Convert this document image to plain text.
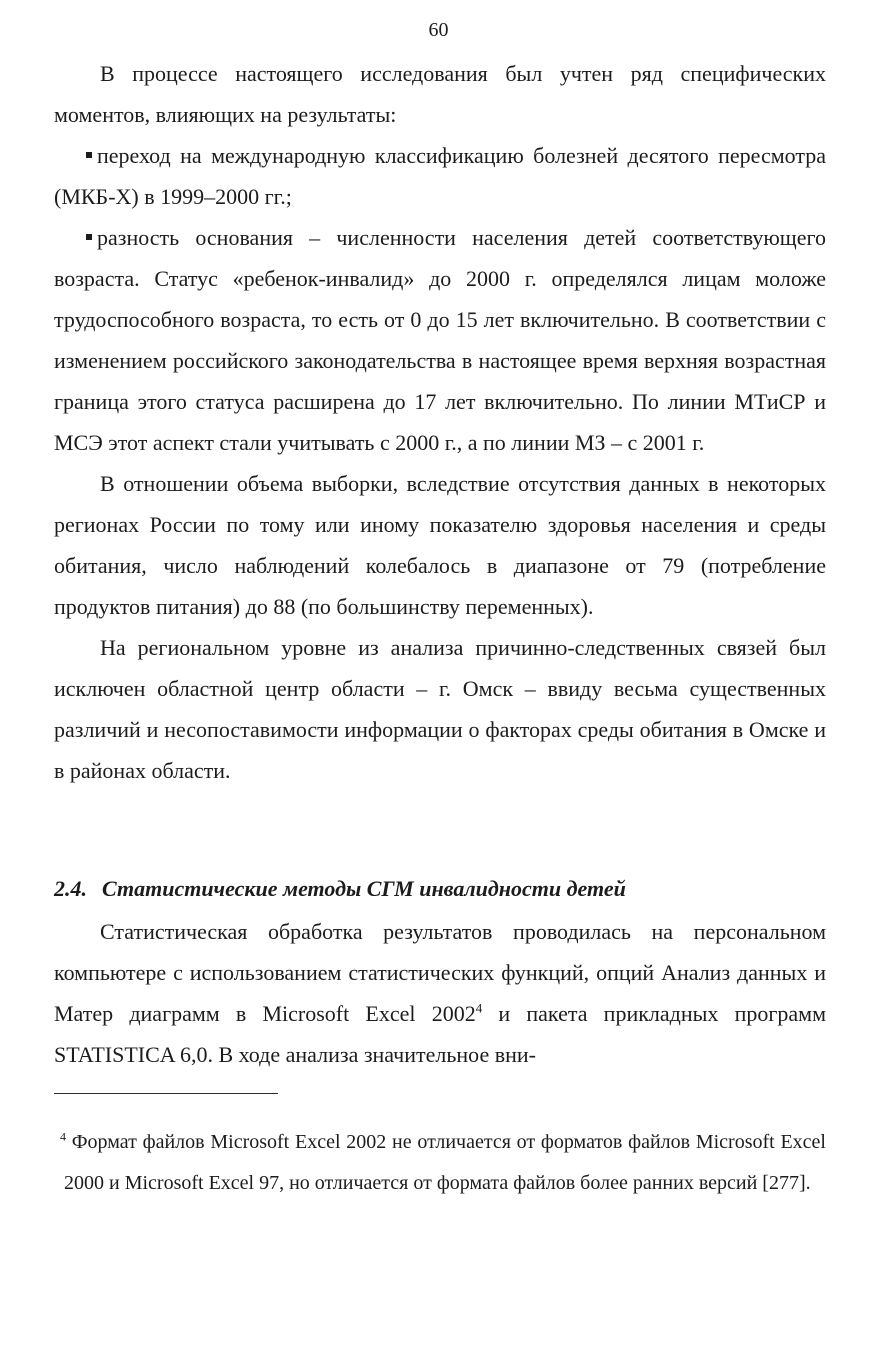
60

В процессе настоящего исследования был учтен ряд специфических моментов, влияющих на результаты:

переход на международную классификацию болезней десятого пересмотра (МКБ-Х) в 1999–2000 гг.;

разность основания – численности населения детей соответствующего возраста. Статус «ребенок-инвалид» до 2000 г. определялся лицам моложе трудоспособного возраста, то есть от 0 до 15 лет включительно. В соответствии с изменением российского законодательства в настоящее время верхняя возрастная граница этого статуса расширена до 17 лет включительно. По линии МТиСР и МСЭ этот аспект стали учитывать с 2000 г., а по линии МЗ – с 2001 г.

В отношении объема выборки, вследствие отсутствия данных в некоторых регионах России по тому или иному показателю здоровья населения и среды обитания, число наблюдений колебалось в диапазоне от 79 (потребление продуктов питания) до 88 (по большинству переменных).

На региональном уровне из анализа причинно-следственных связей был исключен областной центр области – г. Омск – ввиду весьма существенных различий и несопоставимости информации о факторах среды обитания в Омске и в районах области.

2.4. Статистические методы СГМ инвалидности детей

Статистическая обработка результатов проводилась на персональном компьютере с использованием статистических функций, опций Анализ данных и Матер диаграмм в Microsoft Excel 2002$^4$ и пакета прикладных программ STATISTICA 6,0. В ходе анализа значительное вни-

$^4$ Формат файлов Microsoft Excel 2002 не отличается от форматов файлов Microsoft Excel 2000 и Microsoft Excel 97, но отличается от формата файлов более ранних версий [277].
